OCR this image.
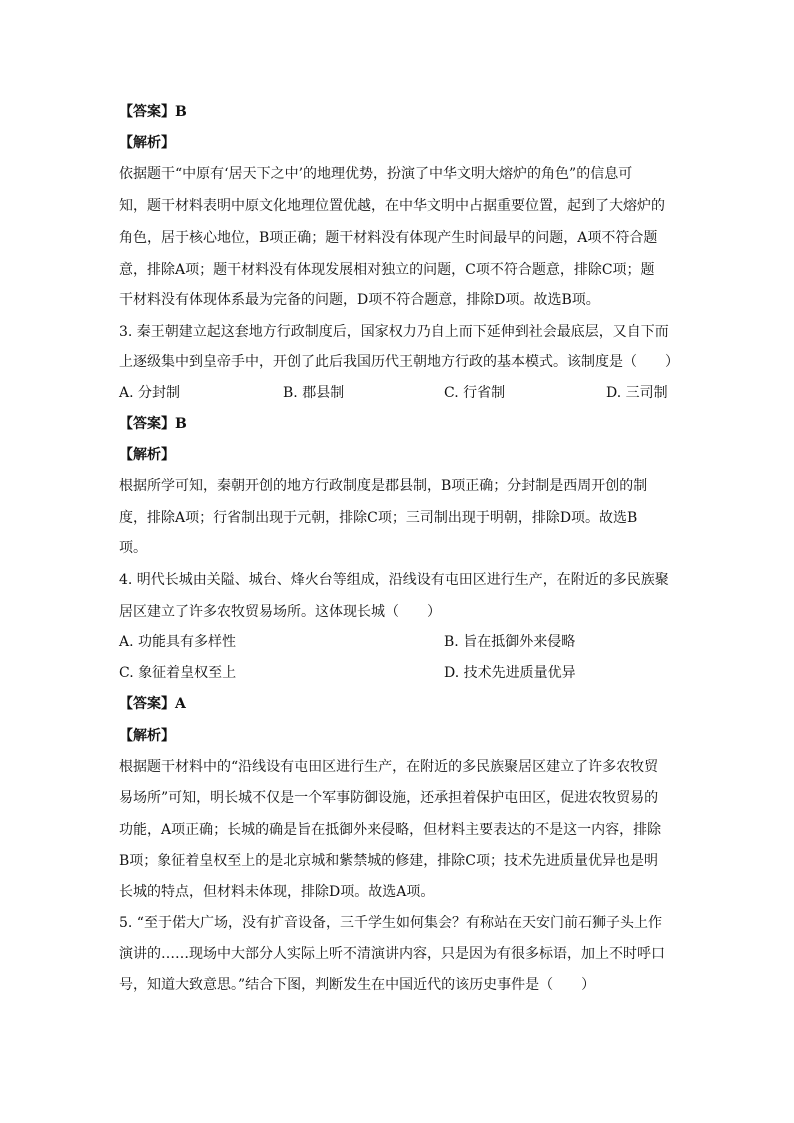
【答案】B
【解析】
依据题干“中原有‘居天下之中’的地理优势，扮演了中华文明大熔炉的角色”的信息可
知，题干材料表明中原文化地理位置优越，在中华文明中占据重要位置，起到了大熔炉的
角色，居于核心地位，B项正确；题干材料没有体现产生时间最早的问题，A项不符合题
意，排除A项；题干材料没有体现发展相对独立的问题，C项不符合题意，排除C项；题
干材料没有体现体系最为完备的问题，D项不符合题意，排除D项。故选B项。
3. 秦王朝建立起这套地方行政制度后，国家权力乃自上而下延伸到社会最底层，又自下而
上逐级集中到皇帝手中，开创了此后我国历代王朝地方行政的基本模式。该制度是（　　）
A. 分封制	B. 郡县制	C. 行省制	D. 三司制
【答案】B
【解析】
根据所学可知，秦朝开创的地方行政制度是郡县制，B项正确；分封制是西周开创的制
度，排除A项；行省制出现于元朝，排除C项；三司制出现于明朝，排除D项。故选B
项。
4. 明代长城由关隘、城台、烽火台等组成，沿线设有屯田区进行生产，在附近的多民族聚
居区建立了许多农牧贸易场所。这体现长城（　　）
A. 功能具有多样性	B. 旨在抵御外来侵略
C. 象征着皇权至上	D. 技术先进质量优异
【答案】A
【解析】
根据题干材料中的“沿线设有屯田区进行生产，在附近的多民族聚居区建立了许多农牧贸
易场所”可知，明长城不仅是一个军事防御设施，还承担着保护屯田区，促进农牧贸易的
功能，A项正确；长城的确是旨在抵御外来侵略，但材料主要表达的不是这一内容，排除
B项；象征着皇权至上的是北京城和紫禁城的修建，排除C项；技术先进质量优异也是明
长城的特点，但材料未体现，排除D项。故选A项。
5. “至于偌大广场，没有扩音设备，三千学生如何集会？有称站在天安门前石狮子头上作
演讲的……现场中大部分人实际上听不清演讲内容，只是因为有很多标语，加上不时呼口
号，知道大致意思。”结合下图，判断发生在中国近代的该历史事件是（　　）
